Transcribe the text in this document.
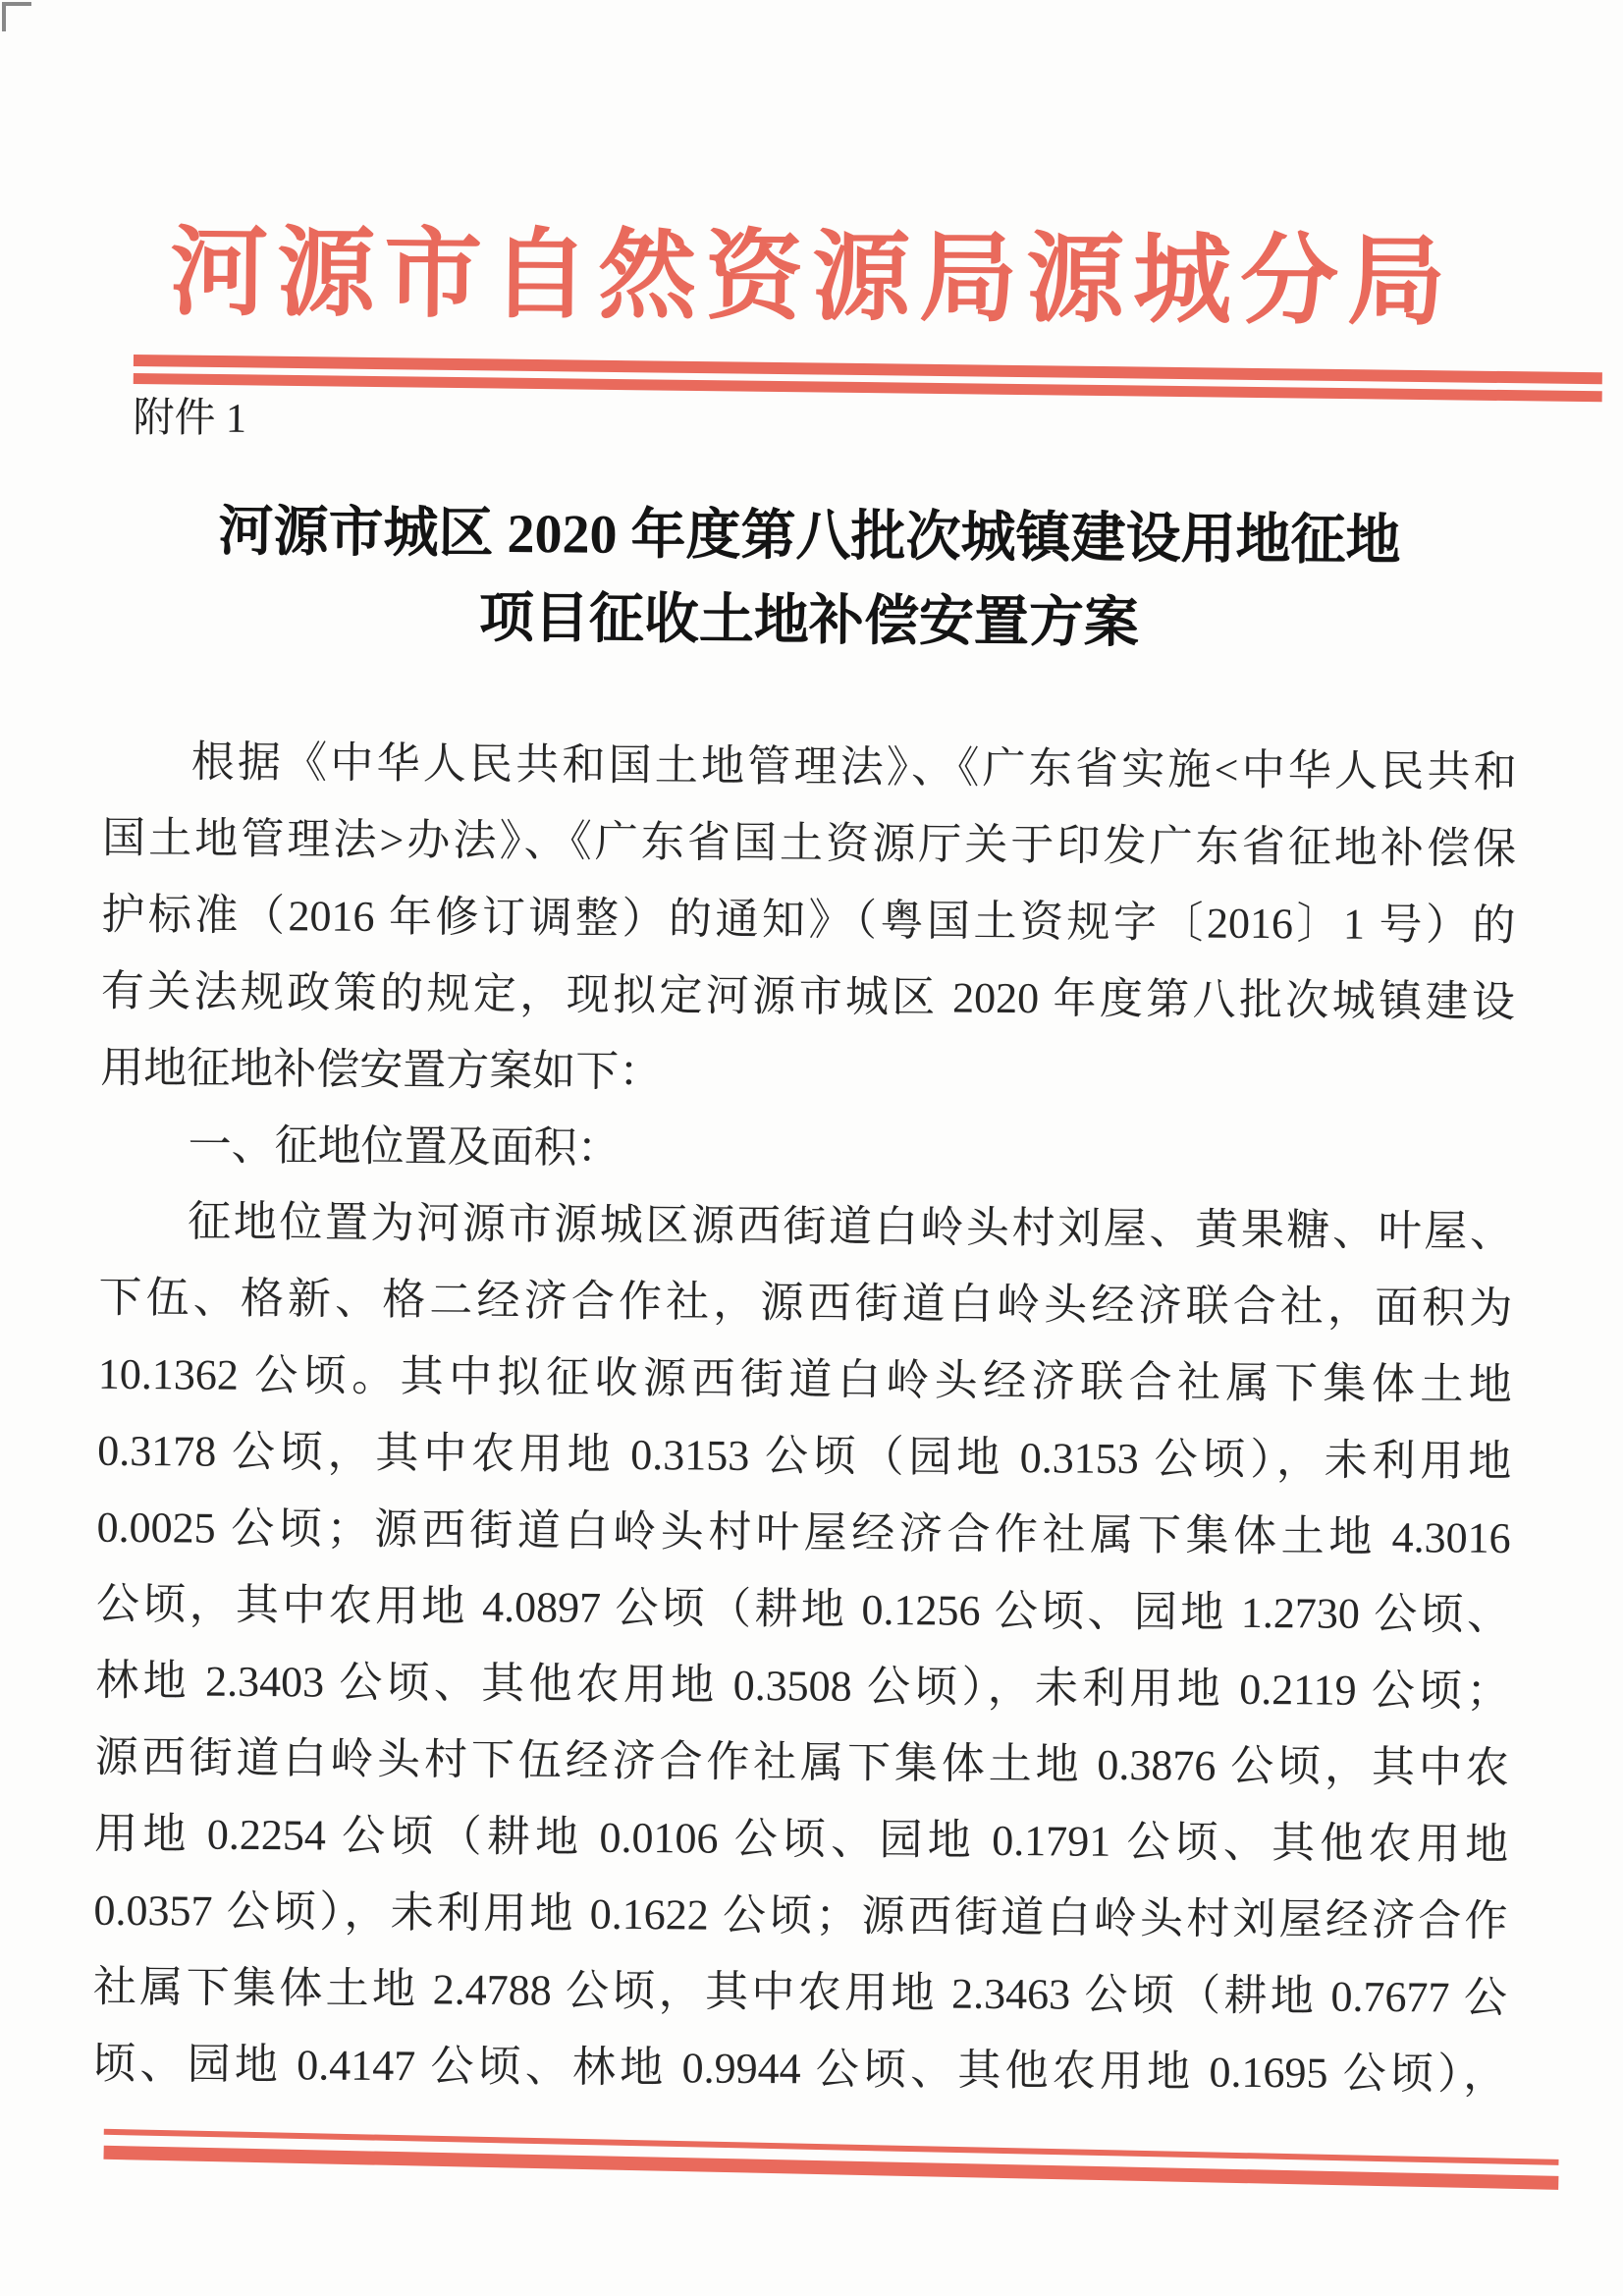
河源市自然资源局源城分局
附件 1
河源市城区 2020 年度第八批次城镇建设用地征地
项目征收土地补偿安置方案
根据《中华人民共和国土地管理法》、《广东省实施<中华人民共和
国土地管理法>办法》、《广东省国土资源厅关于印发广东省征地补偿保
护标准（2016 年修订调整）的通知》（粤国土资规字〔2016〕1 号）的
有关法规政策的规定，现拟定河源市城区 2020 年度第八批次城镇建设
用地征地补偿安置方案如下：
一、征地位置及面积：
征地位置为河源市源城区源西街道白岭头村刘屋、黄果糖、叶屋、
下伍、格新、格二经济合作社，源西街道白岭头经济联合社，面积为
10.1362 公顷。其中拟征收源西街道白岭头经济联合社属下集体土地
0.3178 公顷，其中农用地 0.3153 公顷（园地 0.3153 公顷），未利用地
0.0025 公顷；源西街道白岭头村叶屋经济合作社属下集体土地 4.3016
公顷，其中农用地 4.0897 公顷（耕地 0.1256 公顷、园地 1.2730 公顷、
林地 2.3403 公顷、其他农用地 0.3508 公顷），未利用地 0.2119 公顷；
源西街道白岭头村下伍经济合作社属下集体土地 0.3876 公顷，其中农
用地 0.2254 公顷（耕地 0.0106 公顷、园地 0.1791 公顷、其他农用地
0.0357 公顷），未利用地 0.1622 公顷；源西街道白岭头村刘屋经济合作
社属下集体土地 2.4788 公顷，其中农用地 2.3463 公顷（耕地 0.7677 公
顷、园地 0.4147 公顷、林地 0.9944 公顷、其他农用地 0.1695 公顷），
